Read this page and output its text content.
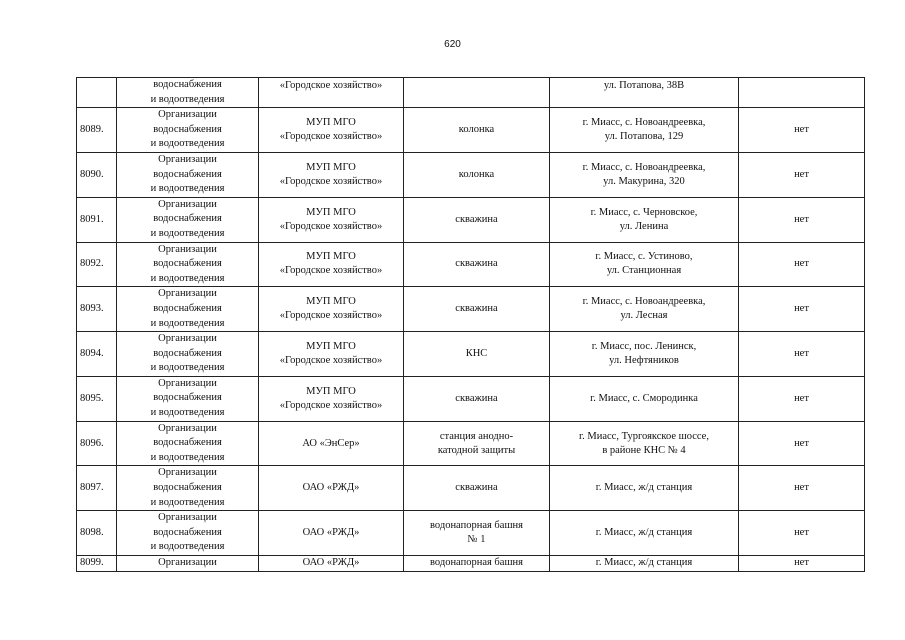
620

	водоснабжения
и водоотведения	«Городское хозяйство»		ул. Потапова, 38В	

8089.	Организации
водоснабжения
и водоотведения	МУП МГО
«Городское хозяйство»	колонка	г. Миасс, с. Новоандреевка,
ул. Потапова, 129	нет
8090.	Организации
водоснабжения
и водоотведения	МУП МГО
«Городское хозяйство»	колонка	г. Миасс, с. Новоандреевка,
ул. Макурина, 320	нет
8091.	Организации
водоснабжения
и водоотведения	МУП МГО
«Городское хозяйство»	скважина	г. Миасс, с. Черновское,
ул. Ленина	нет
8092.	Организации
водоснабжения
и водоотведения	МУП МГО
«Городское хозяйство»	скважина	г. Миасс, с. Устиново,
ул. Станционная	нет
8093.	Организации
водоснабжения
и водоотведения	МУП МГО
«Городское хозяйство»	скважина	г. Миасс, с. Новоандреевка,
ул. Лесная	нет
8094.	Организации
водоснабжения
и водоотведения	МУП МГО
«Городское хозяйство»	КНС	г. Миасс, пос. Ленинск,
ул. Нефтяников	нет
8095.	Организации
водоснабжения
и водоотведения	МУП МГО
«Городское хозяйство»	скважина	г. Миасс, с. Смородинка	нет
8096.	Организации
водоснабжения
и водоотведения	АО «ЭнСер»	станция анодно-
катодной защиты	г. Миасс, Тургоякское шоссе,
в районе КНС № 4	нет
8097.	Организации
водоснабжения
и водоотведения	ОАО «РЖД»	скважина	г. Миасс, ж/д станция	нет
8098.	Организации
водоснабжения
и водоотведения	ОАО «РЖД»	водонапорная башня
№ 1	г. Миасс, ж/д станция	нет
8099.	Организации	ОАО «РЖД»	водонапорная башня	г. Миасс, ж/д станция	нет
